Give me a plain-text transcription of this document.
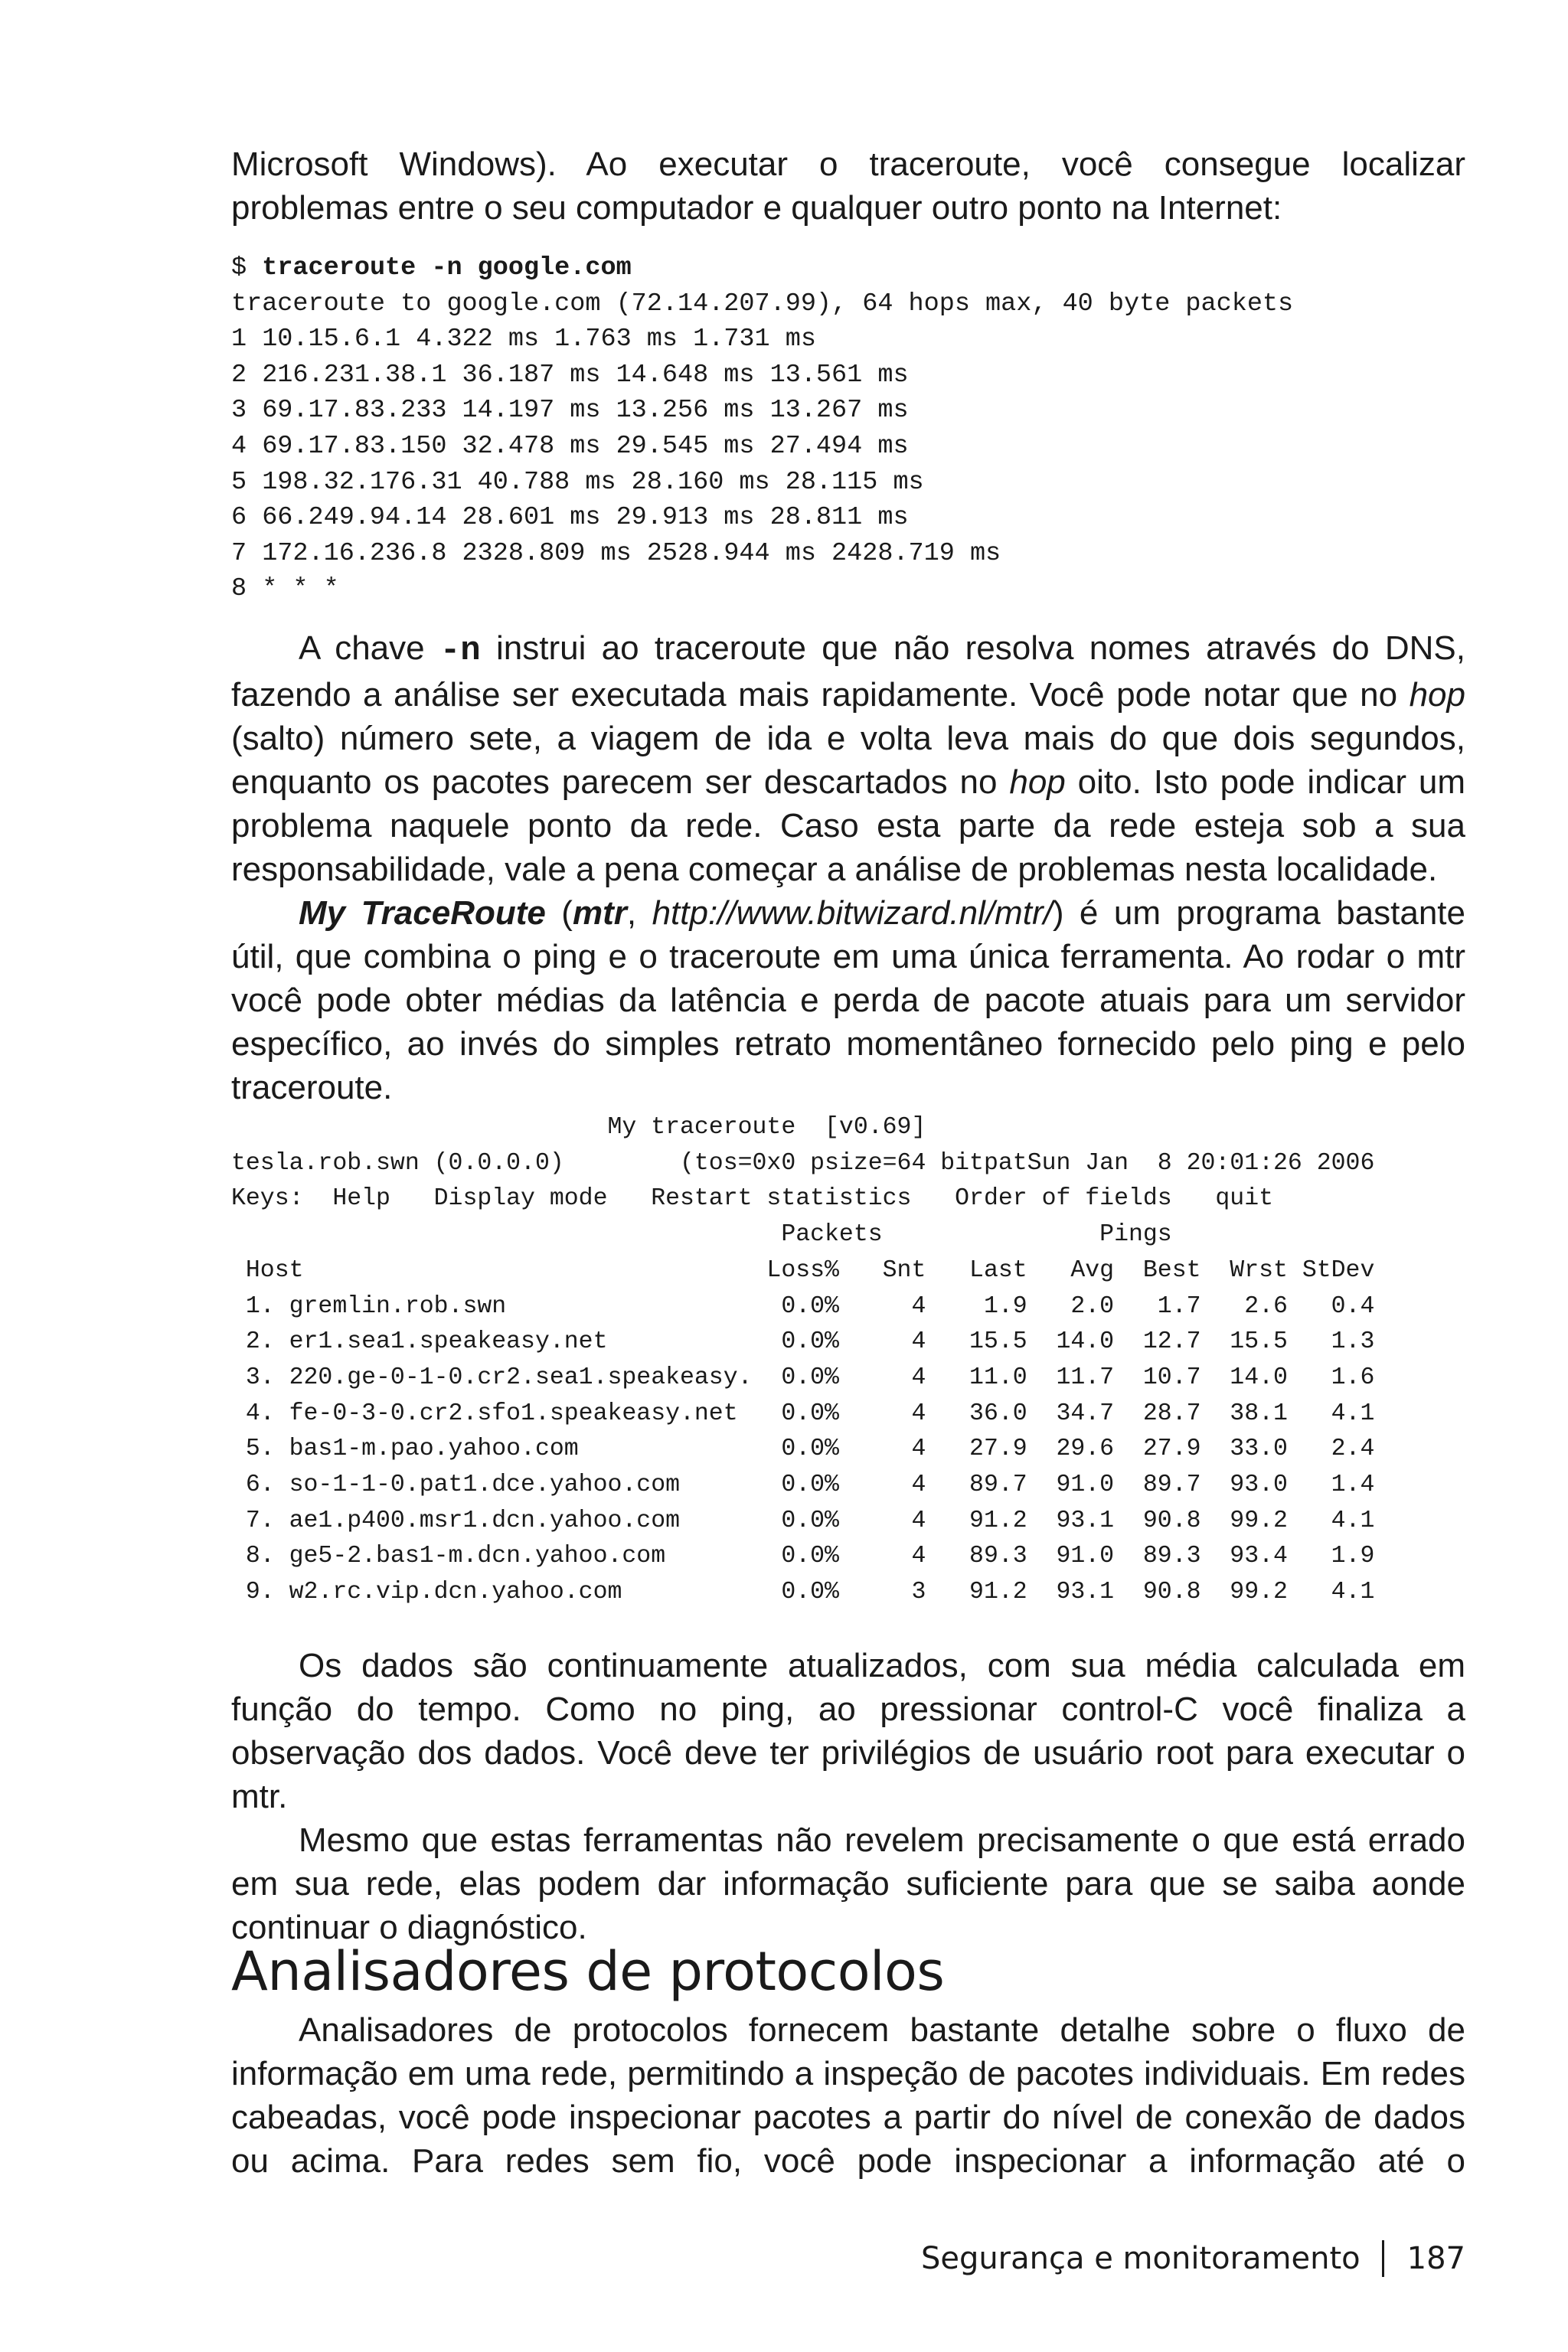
Microsoft Windows). Ao executar o traceroute, você consegue localizar

problemas entre o seu computador e qualquer outro ponto na Internet:

$ traceroute -n google.com
traceroute to google.com (72.14.207.99), 64 hops max, 40 byte packets
1 10.15.6.1 4.322 ms 1.763 ms 1.731 ms
2 216.231.38.1 36.187 ms 14.648 ms 13.561 ms
3 69.17.83.233 14.197 ms 13.256 ms 13.267 ms
4 69.17.83.150 32.478 ms 29.545 ms 27.494 ms
5 198.32.176.31 40.788 ms 28.160 ms 28.115 ms
6 66.249.94.14 28.601 ms 29.913 ms 28.811 ms
7 172.16.236.8 2328.809 ms 2528.944 ms 2428.719 ms
8 * * *

A chave -n instrui ao traceroute que não resolva nomes através do DNS, fazendo a análise ser executada mais rapidamente. Você pode notar que no hop (salto) número sete, a viagem de ida e volta leva mais do que dois segundos, enquanto os pacotes parecem ser descartados no hop oito. Isto pode indicar um problema naquele ponto da rede. Caso esta parte da rede esteja sob a sua responsabilidade, vale a pena começar a análise de problemas nesta localidade.

My TraceRoute (mtr, http://www.bitwizard.nl/mtr/) é um programa bastante útil, que combina o ping e o traceroute em uma única ferramenta. Ao rodar o mtr você pode obter médias da latência e perda de pacote atuais para um servidor específico, ao invés do simples retrato momentâneo fornecido pelo ping e pelo traceroute.

My traceroute  [v0.69]
tesla.rob.swn (0.0.0.0)        (tos=0x0 psize=64 bitpatSun Jan  8 20:01:26 2006
Keys:  Help   Display mode   Restart statistics   Order of fields   quit
Packets               Pings
Host                                Loss%   Snt   Last   Avg  Best  Wrst StDev
1. gremlin.rob.swn                   0.0%     4    1.9   2.0   1.7   2.6   0.4
2. er1.sea1.speakeasy.net            0.0%     4   15.5  14.0  12.7  15.5   1.3
3. 220.ge-0-1-0.cr2.sea1.speakeasy.  0.0%     4   11.0  11.7  10.7  14.0   1.6
4. fe-0-3-0.cr2.sfo1.speakeasy.net   0.0%     4   36.0  34.7  28.7  38.1   4.1
5. bas1-m.pao.yahoo.com              0.0%     4   27.9  29.6  27.9  33.0   2.4
6. so-1-1-0.pat1.dce.yahoo.com       0.0%     4   89.7  91.0  89.7  93.0   1.4
7. ae1.p400.msr1.dcn.yahoo.com       0.0%     4   91.2  93.1  90.8  99.2   4.1
8. ge5-2.bas1-m.dcn.yahoo.com        0.0%     4   89.3  91.0  89.3  93.4   1.9
9. w2.rc.vip.dcn.yahoo.com           0.0%     3   91.2  93.1  90.8  99.2   4.1

Os dados são continuamente atualizados, com sua média calculada em função do tempo. Como no ping, ao pressionar control-C você finaliza a observação dos dados. Você deve ter privilégios de usuário root para executar o mtr.

Mesmo que estas ferramentas não revelem precisamente o que está errado em sua rede, elas podem dar informação suficiente para que se saiba aonde continuar o diagnóstico.

Analisadores de protocolos

Analisadores de protocolos fornecem bastante detalhe sobre o fluxo de informação em uma rede, permitindo a inspeção de pacotes individuais. Em redes cabeadas, você pode inspecionar pacotes a partir do nível de conexão de dados ou acima. Para redes sem fio, você pode inspecionar a informação até o

Segurança e monitoramento 187
